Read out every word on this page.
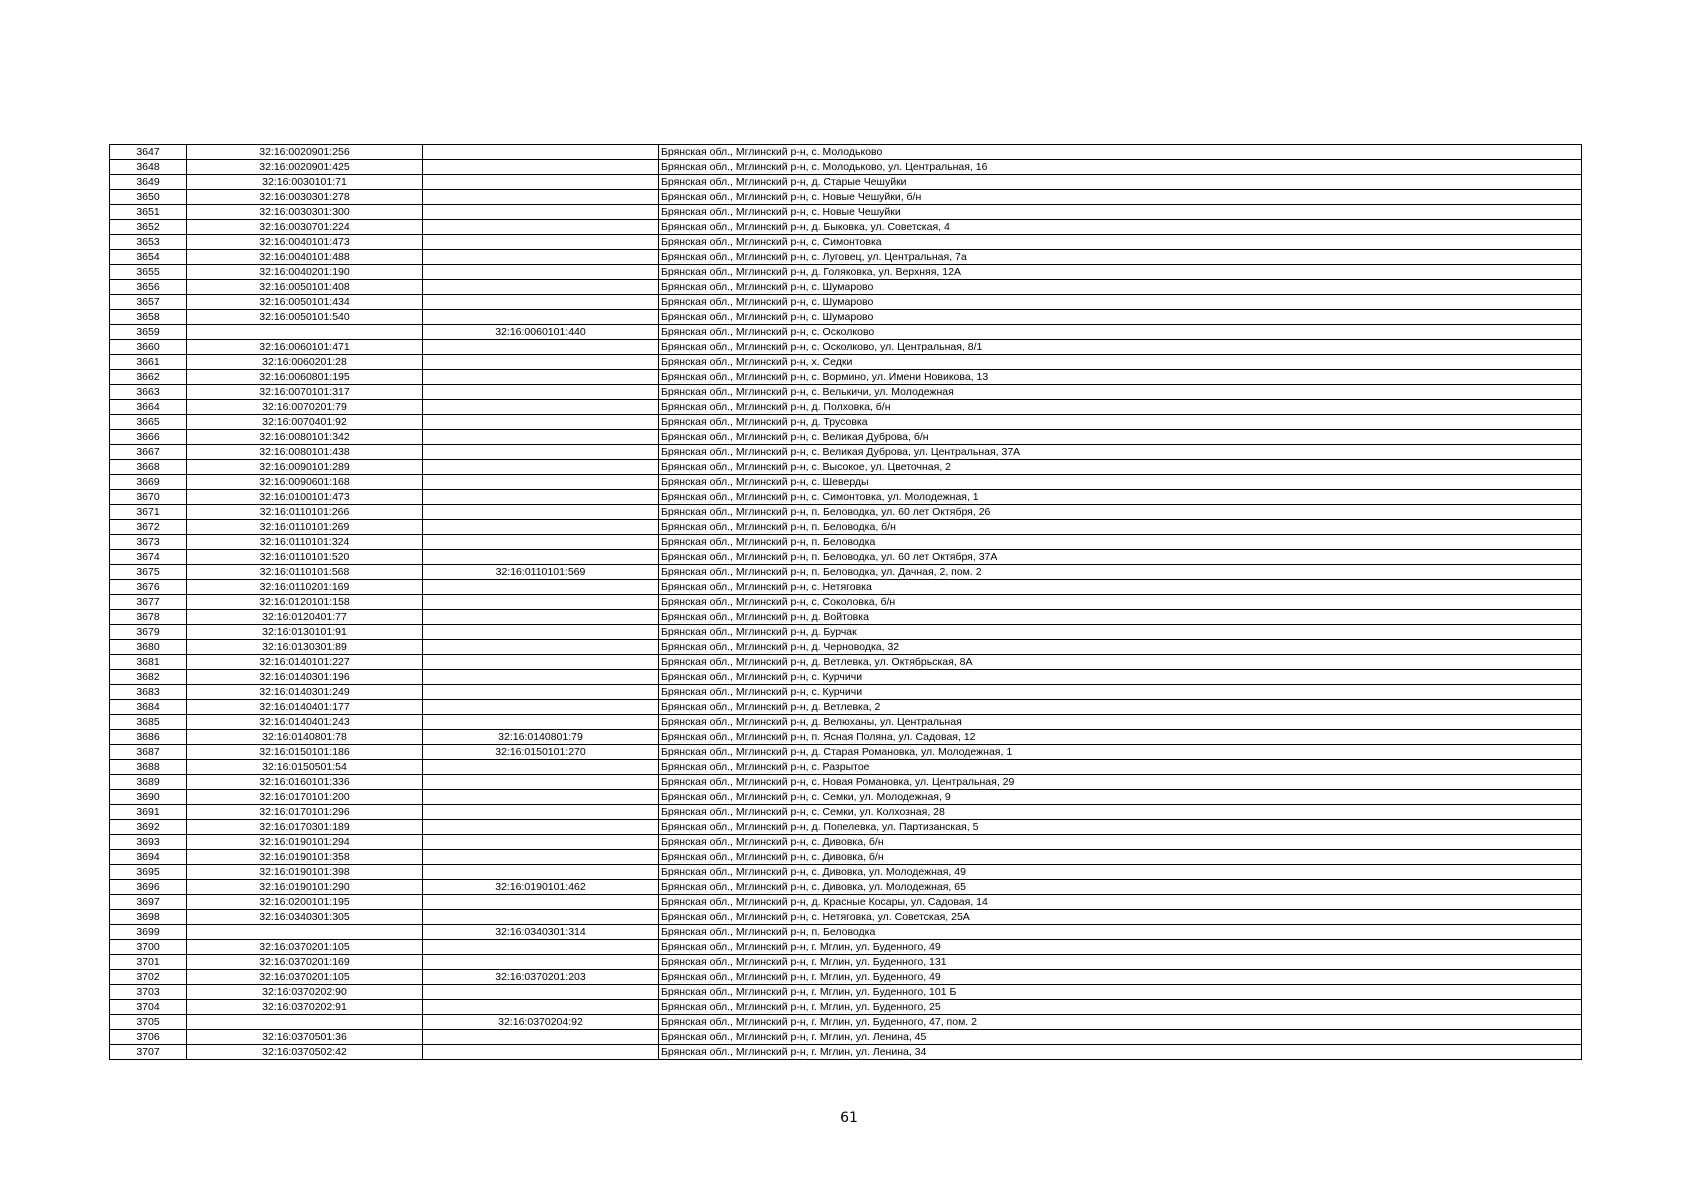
3647	32:16:0020901:256		Брянская обл., Мглинский р-н, с. Молодьково
3648	32:16:0020901:425		Брянская обл., Мглинский р-н, с. Молодьково, ул. Центральная, 16
3649	32:16:0030101:71		Брянская обл., Мглинский р-н, д. Старые Чешуйки
3650	32:16:0030301:278		Брянская обл., Мглинский р-н, с. Новые Чешуйки, б/н
3651	32:16:0030301:300		Брянская обл., Мглинский р-н, с. Новые Чешуйки
3652	32:16:0030701:224		Брянская обл., Мглинский р-н, д. Быковка, ул. Советская, 4
3653	32:16:0040101:473		Брянская обл., Мглинский р-н, с. Симонтовка
3654	32:16:0040101:488		Брянская обл., Мглинский р-н, с. Луговец, ул. Центральная, 7а
3655	32:16:0040201:190		Брянская обл., Мглинский р-н, д. Голяковка, ул. Верхняя, 12А
3656	32:16:0050101:408		Брянская обл., Мглинский р-н, с. Шумарово
3657	32:16:0050101:434		Брянская обл., Мглинский р-н, с. Шумарово
3658	32:16:0050101:540		Брянская обл., Мглинский р-н, с. Шумарово
3659		32:16:0060101:440	Брянская обл., Мглинский р-н, с. Осколково
3660	32:16:0060101:471		Брянская обл., Мглинский р-н, с. Осколково, ул. Центральная, 8/1
3661	32:16:0060201:28		Брянская обл., Мглинский р-н, х. Седки
3662	32:16:0060801:195		Брянская обл., Мглинский р-н, с. Вормино, ул. Имени Новикова, 13
3663	32:16:0070101:317		Брянская обл., Мглинский р-н, с. Велькичи, ул. Молодежная
3664	32:16:0070201:79		Брянская обл., Мглинский р-н, д. Полховка, б/н
3665	32:16:0070401:92		Брянская обл., Мглинский р-н, д. Трусовка
3666	32:16:0080101:342		Брянская обл., Мглинский р-н, с. Великая Дуброва, б/н
3667	32:16:0080101:438		Брянская обл., Мглинский р-н, с. Великая Дуброва, ул. Центральная, 37А
3668	32:16:0090101:289		Брянская обл., Мглинский р-н, с. Высокое, ул. Цветочная, 2
3669	32:16:0090601:168		Брянская обл., Мглинский р-н, с. Шеверды
3670	32:16:0100101:473		Брянская обл., Мглинский р-н, с. Симонтовка, ул. Молодежная, 1
3671	32:16:0110101:266		Брянская обл., Мглинский р-н, п. Беловодка, ул. 60 лет Октября, 26
3672	32:16:0110101:269		Брянская обл., Мглинский р-н, п. Беловодка, б/н
3673	32:16:0110101:324		Брянская обл., Мглинский р-н, п. Беловодка
3674	32:16:0110101:520		Брянская обл., Мглинский р-н, п. Беловодка, ул. 60 лет Октября, 37А
3675	32:16:0110101:568	32:16:0110101:569	Брянская обл., Мглинский р-н, п. Беловодка, ул. Дачная, 2, пом. 2
3676	32:16:0110201:169		Брянская обл., Мглинский р-н, с. Нетяговка
3677	32:16:0120101:158		Брянская обл., Мглинский р-н, с. Соколовка, б/н
3678	32:16:0120401:77		Брянская обл., Мглинский р-н, д. Войтовка
3679	32:16:0130101:91		Брянская обл., Мглинский р-н, д. Бурчак
3680	32:16:0130301:89		Брянская обл., Мглинский р-н, д. Черноводка, 32
3681	32:16:0140101:227		Брянская обл., Мглинский р-н, д. Ветлевка, ул. Октябрьская, 8А
3682	32:16:0140301:196		Брянская обл., Мглинский р-н, с. Курчичи
3683	32:16:0140301:249		Брянская обл., Мглинский р-н, с. Курчичи
3684	32:16:0140401:177		Брянская обл., Мглинский р-н, д. Ветлевка, 2
3685	32:16:0140401:243		Брянская обл., Мглинский р-н, д. Велюханы, ул. Центральная
3686	32:16:0140801:78	32:16:0140801:79	Брянская обл., Мглинский р-н, п. Ясная Поляна, ул. Садовая, 12
3687	32:16:0150101:186	32:16:0150101:270	Брянская обл., Мглинский р-н, д. Старая Романовка, ул. Молодежная, 1
3688	32:16:0150501:54		Брянская обл., Мглинский р-н, с. Разрытое
3689	32:16:0160101:336		Брянская обл., Мглинский р-н, с. Новая Романовка, ул. Центральная, 29
3690	32:16:0170101:200		Брянская обл., Мглинский р-н, с. Семки, ул. Молодежная, 9
3691	32:16:0170101:296		Брянская обл., Мглинский р-н, с. Семки, ул. Колхозная, 28
3692	32:16:0170301:189		Брянская обл., Мглинский р-н, д. Попелевка, ул. Партизанская, 5
3693	32:16:0190101:294		Брянская обл., Мглинский р-н, с. Дивовка, б/н
3694	32:16:0190101:358		Брянская обл., Мглинский р-н, с. Дивовка, б/н
3695	32:16:0190101:398		Брянская обл., Мглинский р-н, с. Дивовка, ул. Молодежная, 49
3696	32:16:0190101:290	32:16:0190101:462	Брянская обл., Мглинский р-н, с. Дивовка, ул. Молодежная, 65
3697	32:16:0200101:195		Брянская обл., Мглинский р-н, д. Красные Косары, ул. Садовая, 14
3698	32:16:0340301:305		Брянская обл., Мглинский р-н, с. Нетяговка, ул. Советская, 25А
3699		32:16:0340301:314	Брянская обл., Мглинский р-н, п. Беловодка
3700	32:16:0370201:105		Брянская обл., Мглинский р-н, г. Мглин, ул. Буденного, 49
3701	32:16:0370201:169		Брянская обл., Мглинский р-н, г. Мглин, ул. Буденного, 131
3702	32:16:0370201:105	32:16:0370201:203	Брянская обл., Мглинский р-н, г. Мглин, ул. Буденного, 49
3703	32:16:0370202:90		Брянская обл., Мглинский р-н, г. Мглин, ул. Буденного, 101 Б
3704	32:16:0370202:91		Брянская обл., Мглинский р-н, г. Мглин, ул. Буденного, 25
3705		32:16:0370204:92	Брянская обл., Мглинский р-н, г. Мглин, ул. Буденного, 47, пом. 2
3706	32:16:0370501:36		Брянская обл., Мглинский р-н, г. Мглин, ул. Ленина, 45
3707	32:16:0370502:42		Брянская обл., Мглинский р-н, г. Мглин, ул. Ленина, 34
61
